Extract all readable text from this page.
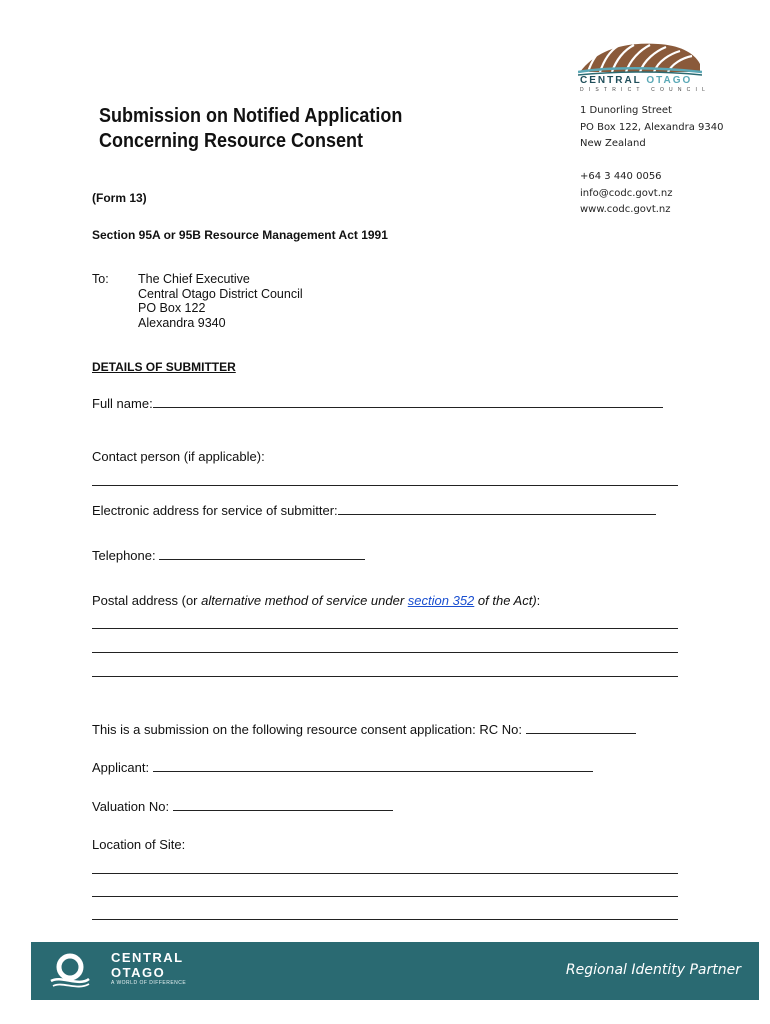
CENTRAL OTAGO
DISTRICT COUNCIL
1 Dunorling Street
PO Box 122, Alexandra 9340
New Zealand
+64 3 440 0056
info@codc.govt.nz
www.codc.govt.nz
Submission on Notified Application
Concerning Resource Consent
(Form 13)
Section 95A or 95B Resource Management Act 1991
To: The Chief Executive
Central Otago District Council
PO Box 122
Alexandra 9340
DETAILS OF SUBMITTER
Full name:
Contact person (if applicable):
Electronic address for service of submitter:
Telephone:
Postal address (or alternative method of service under section 352 of the Act):
This is a submission on the following resource consent application: RC No:
Applicant:
Valuation No:
Location of Site:
CENTRAL
OTAGO
A WORLD OF DIFFERENCE
Regional Identity Partner
